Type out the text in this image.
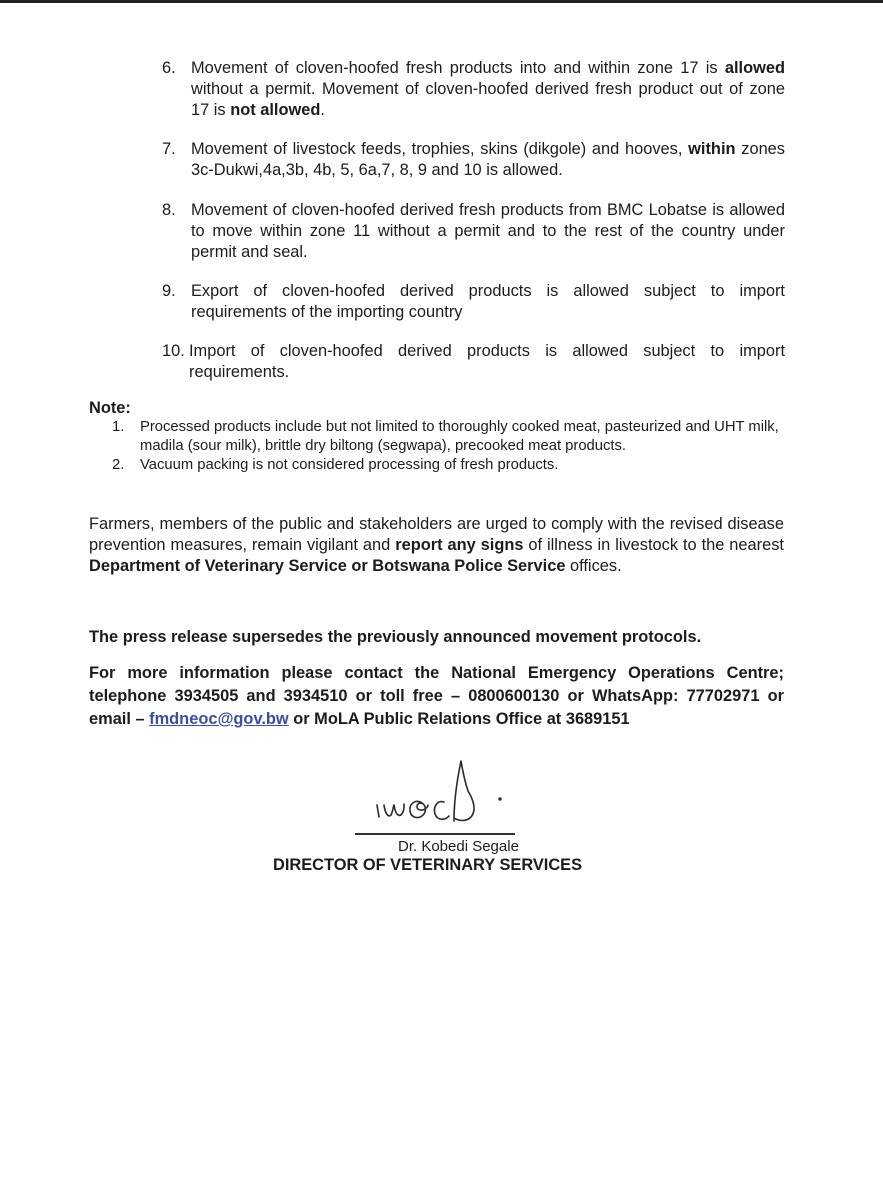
6. Movement of cloven-hoofed fresh products into and within zone 17 is allowed without a permit. Movement of cloven-hoofed derived fresh product out of zone 17 is not allowed.
7. Movement of livestock feeds, trophies, skins (dikgole) and hooves, within zones 3c-Dukwi,4a,3b, 4b, 5, 6a,7, 8, 9 and 10 is allowed.
8. Movement of cloven-hoofed derived fresh products from BMC Lobatse is allowed to move within zone 11 without a permit and to the rest of the country under permit and seal.
9. Export of cloven-hoofed derived products is allowed subject to import requirements of the importing country
10. Import of cloven-hoofed derived products is allowed subject to import requirements.
Note:
1.	Processed products include but not limited to thoroughly cooked meat, pasteurized and UHT milk, madila (sour milk), brittle dry biltong (segwapa), precooked meat products.
2.	Vacuum packing is not considered processing of fresh products.
Farmers, members of the public and stakeholders are urged to comply with the revised disease prevention measures, remain vigilant and report any signs of illness in livestock to the nearest Department of Veterinary Service or Botswana Police Service offices.
The press release supersedes the previously announced movement protocols.
For more information please contact the National Emergency Operations Centre; telephone 3934505 and 3934510 or toll free – 0800600130 or WhatsApp: 77702971 or email – fmdneoc@gov.bw or MoLA Public Relations Office at 3689151
Dr. Kobedi Segale
DIRECTOR OF VETERINARY SERVICES
